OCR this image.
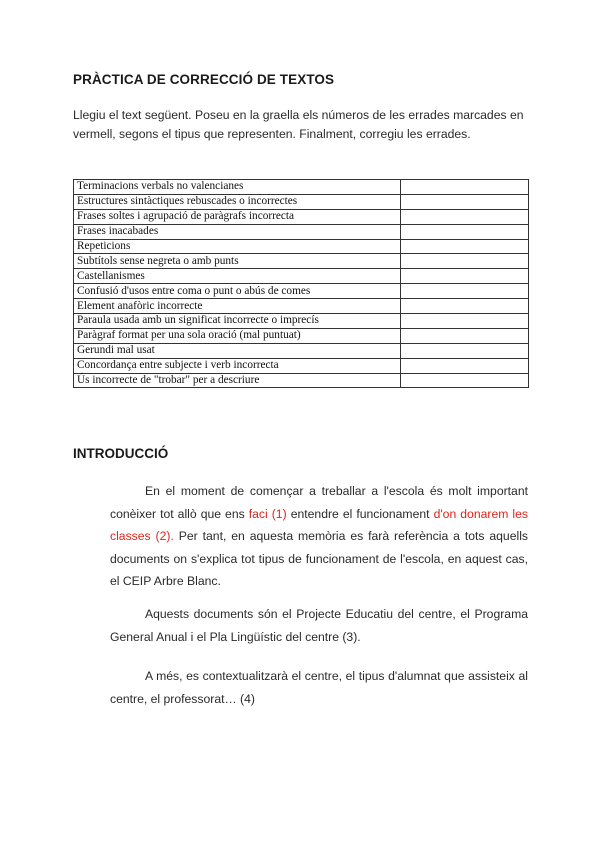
PRÀCTICA DE CORRECCIÓ DE TEXTOS
Llegiu el text següent. Poseu en la graella els números de les errades marcades en vermell, segons el tipus que representen. Finalment, corregiu les errades.
Terminacions verbals no valencianes	
Estructures sintàctiques rebuscades o incorrectes	
Frases soltes i agrupació de paràgrafs incorrecta	
Frases inacabades	
Repeticions	
Subtítols sense negreta o amb punts	
Castellanismes	
Confusió d'usos entre coma o punt o abús de comes	
Element anafòric incorrecte	
Paraula usada amb un significat incorrecte o imprecís	
Paràgraf format per una sola oració (mal puntuat)	
Gerundi mal usat	
Concordança entre subjecte i verb incorrecta	
Ús incorrecte de "trobar" per a descriure	
INTRODUCCIÓ
En el moment de començar a treballar a l'escola és molt important conèixer tot allò que ens faci (1) entendre el funcionament d'on donarem les classes (2). Per tant, en aquesta memòria es farà referència a tots aquells documents on s'explica tot tipus de funcionament de l'escola, en aquest cas, el CEIP Arbre Blanc.
Aquests documents són el Projecte Educatiu del centre, el Programa General Anual i el Pla Lingüístic del centre (3).
A més, es contextualitzarà el centre, el tipus d'alumnat que assisteix al centre, el professorat… (4)
